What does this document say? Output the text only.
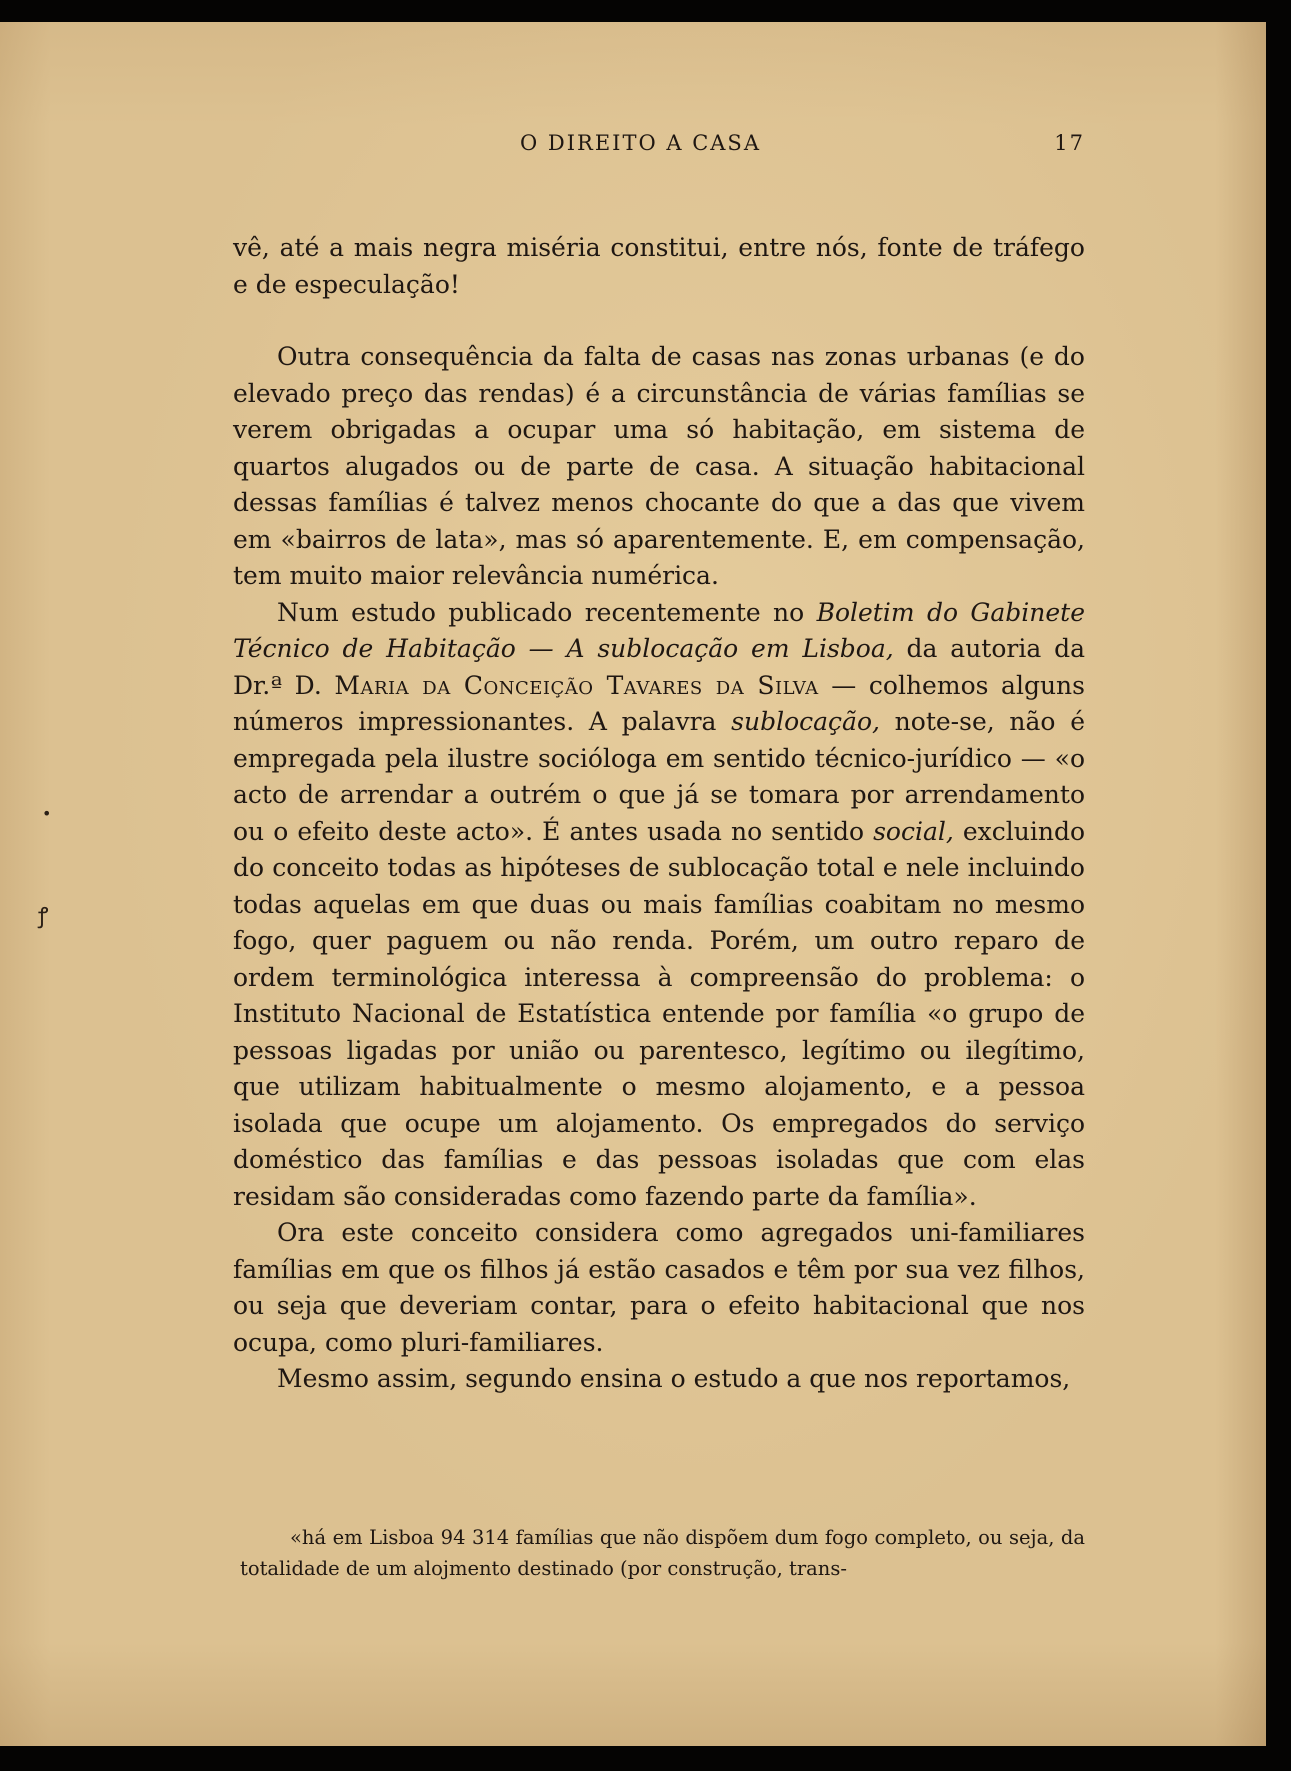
O DIREITO A CASA	17

vê, até a mais negra miséria constitui, entre nós, fonte de tráfego e de especulação!

Outra consequência da falta de casas nas zonas urbanas (e do elevado preço das rendas) é a circunstância de várias famílias se verem obrigadas a ocupar uma só habitação, em sistema de quartos alugados ou de parte de casa. A situação habitacional dessas famílias é talvez menos chocante do que a das que vivem em «bairros de lata», mas só aparentemente. E, em compensação, tem muito maior relevância numérica.

Num estudo publicado recentemente no Boletim do Gabinete Técnico de Habitação — A sublocação em Lisboa, da autoria da Dr.ª D. Maria da Conceição Tavares da Silva — colhemos alguns números impressionantes. A palavra sublocação, note-se, não é empregada pela ilustre socióloga em sentido técnico-jurídico — «o acto de arrendar a outrém o que já se tomara por arrendamento ou o efeito deste acto». É antes usada no sentido social, excluindo do conceito todas as hipóteses de sublocação total e nele incluindo todas aquelas em que duas ou mais famílias coabitam no mesmo fogo, quer paguem ou não renda. Porém, um outro reparo de ordem terminológica interessa à compreensão do problema: o Instituto Nacional de Estatística entende por família «o grupo de pessoas ligadas por união ou parentesco, legítimo ou ilegítimo, que utilizam habitualmente o mesmo alojamento, e a pessoa isolada que ocupe um alojamento. Os empregados do serviço doméstico das famílias e das pessoas isoladas que com elas residam são consideradas como fazendo parte da família».

Ora este conceito considera como agregados uni-familiares famílias em que os filhos já estão casados e têm por sua vez filhos, ou seja que deveriam contar, para o efeito habitacional que nos ocupa, como pluri-familiares.

Mesmo assim, segundo ensina o estudo a que nos reportamos,

«há em Lisboa 94 314 famílias que não dispõem dum fogo completo, ou seja, da totalidade de um alojmento destinado (por construção, trans-

•
ꝭ
